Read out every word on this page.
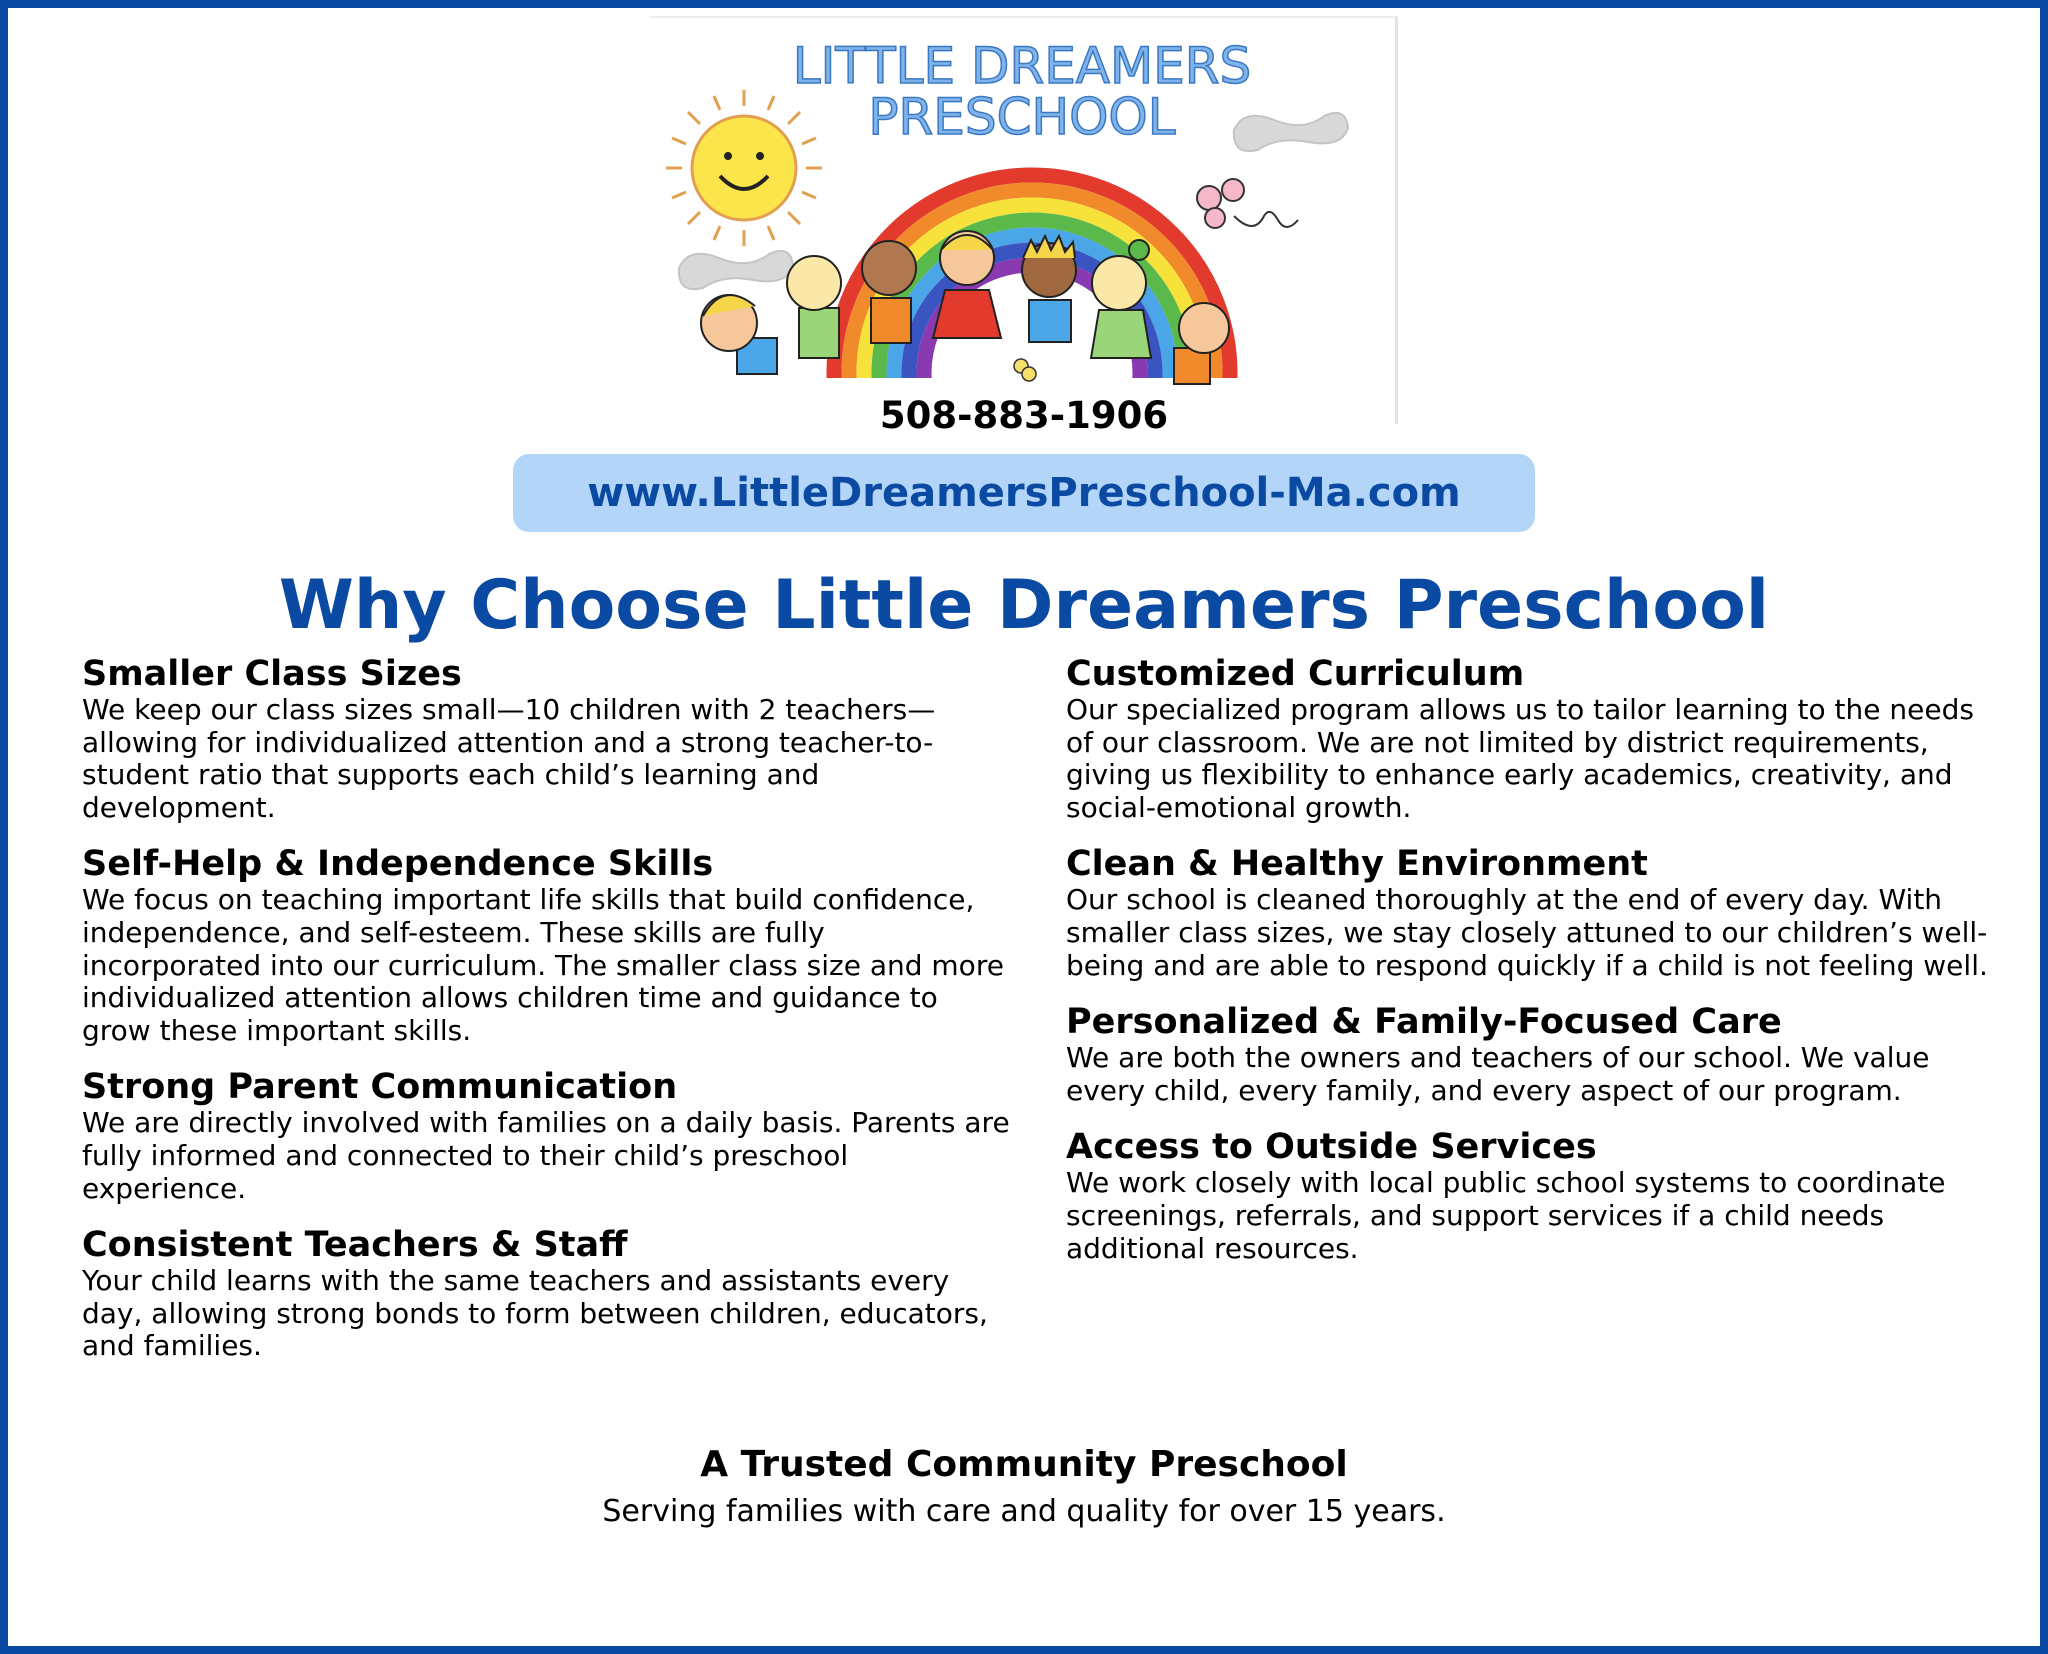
LITTLE DREAMERS
PRESCHOOL
508-883-1906
www.LittleDreamersPreschool-Ma.com
Why Choose Little Dreamers Preschool
Smaller Class Sizes

We keep our class sizes small—10 children with 2 teachers—allowing for individualized attention and a strong teacher-to-student ratio that supports each child’s learning and development.

Self-Help & Independence Skills

We focus on teaching important life skills that build confidence, independence, and self-esteem. These skills are fully incorporated into our curriculum. The smaller class size and more individualized attention allows children time and guidance to grow these important skills.

Strong Parent Communication

We are directly involved with families on a daily basis. Parents are fully informed and connected to their child’s preschool experience.

Consistent Teachers & Staff

Your child learns with the same teachers and assistants every day, allowing strong bonds to form between children, educators, and families.

Customized Curriculum

Our specialized program allows us to tailor learning to the needs of our classroom. We are not limited by district requirements, giving us flexibility to enhance early academics, creativity, and social-emotional growth.

Clean & Healthy Environment

Our school is cleaned thoroughly at the end of every day. With smaller class sizes, we stay closely attuned to our children’s well-being and are able to respond quickly if a child is not feeling well.

Personalized & Family-Focused Care

We are both the owners and teachers of our school. We value every child, every family, and every aspect of our program.

Access to Outside Services

We work closely with local public school systems to coordinate screenings, referrals, and support services if a child needs additional resources.

A Trusted Community Preschool
Serving families with care and quality for over 15 years.
